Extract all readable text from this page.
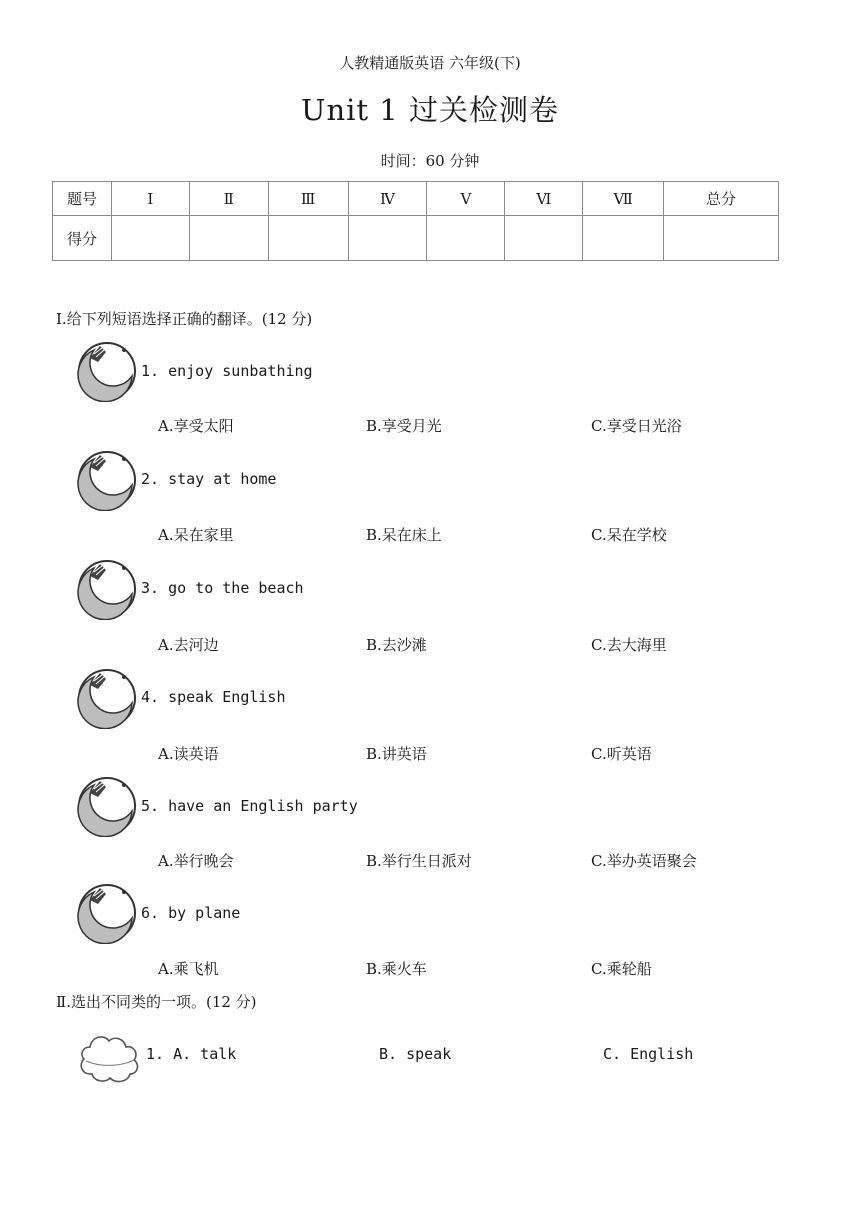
人教精通版英语 六年级(下)
Unit 1 过关检测卷
时间：60 分钟
题号	Ⅰ	Ⅱ	Ⅲ	Ⅳ	Ⅴ	Ⅵ	Ⅶ	总分
得分								
Ⅰ.给下列短语选择正确的翻译。(12 分)
1. enjoy sunbathing
A.享受太阳	B.享受月光	C.享受日光浴
2. stay at home
A.呆在家里	B.呆在床上	C.呆在学校
3. go to the beach
A.去河边	B.去沙滩	C.去大海里
4. speak English
A.读英语	B.讲英语	C.听英语
5. have an English party
A.举行晚会	B.举行生日派对	C.举办英语聚会
6. by plane
A.乘飞机	B.乘火车	C.乘轮船
Ⅱ.选出不同类的一项。(12 分)
1. A. talk	B. speak	C. English
